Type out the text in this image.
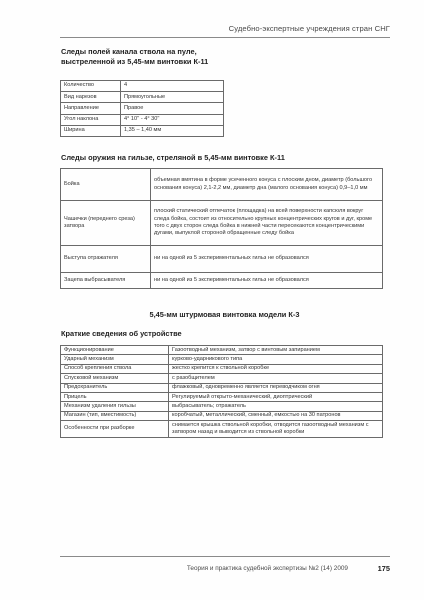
Судебно-экспертные учреждения стран СНГ
Следы полей канала ствола на пуле,
выстреленной из 5,45-мм винтовки К-11
Количество	4
Вид нарезов	Прямоугольные
Направление	Правое
Угол наклона	4° 10'' - 4° 30''
Ширина	1,35 – 1,40 мм
Следы оружия на гильзе, стреляной в 5,45-мм винтовке К-11
Бойка	объемная вмятина в форме усеченного конуса с плоским дном, диаметр (большого основания конуса) 2,1-2,2 мм, диаметр дна (малого основания конуса) 0,9–1,0 мм
Чашечки (переднего среза) затвора	плоский статический отпечаток (площадка) на всей поверхности капсюля вокруг следа бойка, состоит из относительно крупных концентрических кругов и дуг, кроме того с двух сторон следа бойка в нижней части пересекаются концентрическими дугами, выпуклой стороной обращенные следу бойка
Выступа отражателя	ни на одной из 5 экспериментальных гильз не образовался
Зацепа выбрасывателя	ни на одной из 5 экспериментальных гильз не образовался
5,45-мм штурмовая винтовка модели К-3
Краткие сведения об устройстве
Функционирование	Газоотводный механизм, затвор с винтовым запиранием
Ударный механизм	курково-ударникового типа
Способ крепления ствола	жестко крепится к ствольной коробке
Спусковой механизм	с разобщителем
Предохранитель	флажковый, одновременно является переводчиком огня
Прицель	Регулируемый открыто-механический, диоптрический
Механизм удаления гильзы	выбрасыватель; отражатель
Магазин (тип, вместимость)	коробчатый, металлический, сменный, емкостью на 30 патронов
Особенности при разборке	снимается крышка ствольной коробки, отводится газоотводный механизм с затвором назад и выводится из ствольной коробки
Теория и практика судебной экспертизы №2 (14) 2009	175
